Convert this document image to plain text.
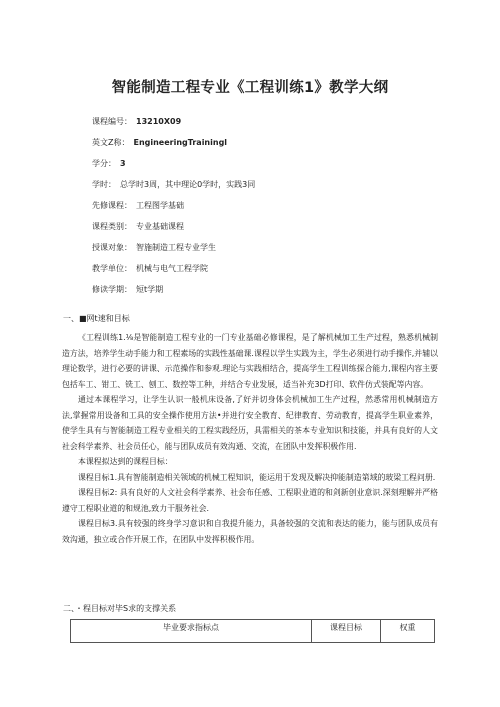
智能制造工程专业《工程训练1》教学大纲
课程编号： 13210X09
英文Z称： EngineeringTrainingl
学分： 3
学时： 总学时3周，其中理论0学时，实践3同
先修课程： 工程图学基础
课程类别： 专业基础课程
授课对象： 智施制造工程专业学生
教学单位： 机械与电气工程学院
修读学期： 短t学期
一、■网t速和目标

《工程训练1.⅛是智能制造工程专业的一门专业基础必修课程，是了解机械加工生产过程，熟悉机械制造方法，培养学生动手能力和工程素场的实践性基础课.课程以学生实践为主，学生必须进行动手操作,并辅以理论数学，进行必要的讲课、示范操作和参观.理论与实践相结合，提高学生工程训练探合能力,课程内容主要包括车工、钳工、铣工、刨工、数控等工种，并结合专业发展，适当补充3D打印、软件仿式装配等内容。

通过本课程学习，让学生认识一般机床设备,了好并切身体会机械加工生产过程，然悉常用机械制造方法,掌握常用设备和工具的安全操作使用方法•并进行安全教育、纪律教育、劳动教育，提高学生职业素养，使学生具有与智能制造工程专业相关的工程实践经历，具需相关的茶本专业知识和技能，并具有良好的人文社会科学素养、社会员任心，能与团队成员有效沟通、交流，在团队中发挥积极作用.

本课程拟达到的课程目标：

课程目标1.具有智能制造相关领域的机械工程知识，能运用于发现及解决抑能制造第域的玻梁工程问册.

课程目标2: 具有良好的人文社会科学素养、社会布任感、工程职业道的和剑新创业意识.深刻理解并严格遵守工程职业道的和规池,致力干服务社会.

课程目标3.具有较强的终身学习意识和自我提升能力，具备较强的交流和表达的能力，能与团队成员有效沟通，独立或合作开展工作，在团队中发挥积极作用。

二、・程目标对毕S求的支撑关系
毕业要求指标点	课程目标	权重
